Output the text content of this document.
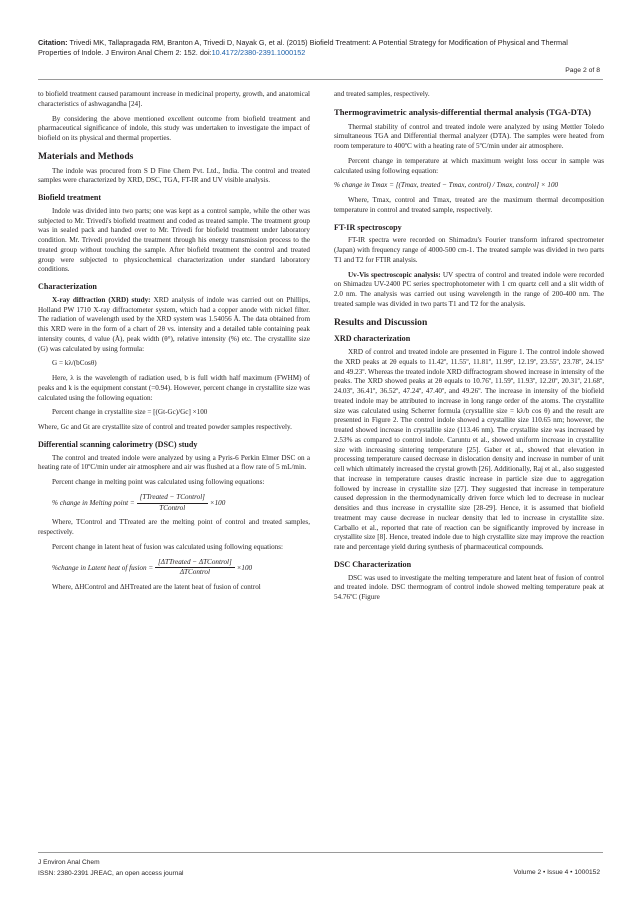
Citation: Trivedi MK, Tallapragada RM, Branton A, Trivedi D, Nayak G, et al. (2015) Biofield Treatment: A Potential Strategy for Modification of Physical and Thermal Properties of Indole. J Environ Anal Chem 2: 152. doi:10.4172/2380-2391.1000152
Page 2 of 8

to biofield treatment caused paramount increase in medicinal property, growth, and anatomical characteristics of ashwagandha [24].

By considering the above mentioned excellent outcome from biofield treatment and pharmaceutical significance of indole, this study was undertaken to investigate the impact of biofield on its physical and thermal properties.

Materials and Methods

The indole was procured from S D Fine Chem Pvt. Ltd., India. The control and treated samples were characterized by XRD, DSC, TGA, FT-IR and UV visible analysis.

Biofield treatment

Indole was divided into two parts; one was kept as a control sample, while the other was subjected to Mr. Trivedi's biofield treatment and coded as treated sample. The treatment group was in sealed pack and handed over to Mr. Trivedi for biofield treatment under laboratory condition. Mr. Trivedi provided the treatment through his energy transmission process to the treated group without touching the sample. After biofield treatment the control and treated group were subjected to physicochemical characterization under standard laboratory conditions.

Characterization

X-ray diffraction (XRD) study: XRD analysis of indole was carried out on Phillips, Holland PW 1710 X-ray diffractometer system, which had a copper anode with nickel filter. The radiation of wavelength used by the XRD system was 1.54056 Å. The data obtained from this XRD were in the form of a chart of 2θ vs. intensity and a detailed table containing peak intensity counts, d value (Å), peak width (θ°), relative intensity (%) etc. The crystallite size (G) was calculated by using formula:

G = kλ/(bCosθ)

Here, λ is the wavelength of radiation used, b is full width half maximum (FWHM) of peaks and k is the equipment constant (=0.94). However, percent change in crystallite size was calculated using the following equation:

Percent change in crystallite size = [(Gt-Gc)/Gc] ×100

Where, Gc and Gt are crystallite size of control and treated powder samples respectively.

Differential scanning calorimetry (DSC) study

The control and treated indole were analyzed by using a Pyris-6 Perkin Elmer DSC on a heating rate of 10ºC/min under air atmosphere and air was flushed at a flow rate of 5 mL/min.

Percent change in melting point was calculated using following equations:

% change in Melting point = $\frac{\text{[TTreated − TControl]}}{\text{TControl}} \times 100$

Where, TControl and TTreated are the melting point of control and treated samples, respectively.

Percent change in latent heat of fusion was calculated using following equations:

%change in Latent heat of fusion = $\frac{\text{[ΔTTreated − ΔTControl]}}{\text{ΔTControl}} \times 100$

Where, ΔHControl and ΔHTreated are the latent heat of fusion of control

and treated samples, respectively.

Thermogravimetric analysis-differential thermal analysis (TGA-DTA)

Thermal stability of control and treated indole were analyzed by using Mettler Toledo simultaneous TGA and Differential thermal analyzer (DTA). The samples were heated from room temperature to 400ºC with a heating rate of 5ºC/min under air atmosphere.

Percent change in temperature at which maximum weight loss occur in sample was calculated using following equation:

% change in Tmax = [(Tmax, treated − Tmax, control) / Tmax, control] × 100

Where, Tmax, control and Tmax, treated are the maximum thermal decomposition temperature in control and treated sample, respectively.

FT-IR spectroscopy

FT-IR spectra were recorded on Shimadzu's Fourier transform infrared spectrometer (Japan) with frequency range of 4000-500 cm-1. The treated sample was divided in two parts T1 and T2 for FTIR analysis.

Uv-Vis spectroscopic analysis: UV spectra of control and treated indole were recorded on Shimadzu UV-2400 PC series spectrophotometer with 1 cm quartz cell and a slit width of 2.0 nm. The analysis was carried out using wavelength in the range of 200-400 nm. The treated sample was divided in two parts T1 and T2 for the analysis.

Results and Discussion
XRD characterization

XRD of control and treated indole are presented in Figure 1. The control indole showed the XRD peaks at 2θ equals to 11.42º, 11.55º, 11.81º, 11.99º, 12.19º, 23.55º, 23.78º, 24.15º and 49.23º. Whereas the treated indole XRD diffractogram showed increase in intensity of the peaks. The XRD showed peaks at 2θ equals to 10.76º, 11.59º, 11.93º, 12.20º, 20.31º, 21.68º, 24.03º, 36.41º, 36.52º, 47.24º, 47.40º, and 49.26º. The increase in intensity of the biofield treated indole may be attributed to increase in long range order of the atoms. The crystallite size was calculated using Scherrer formula (crystallite size = kλ/b cos θ) and the result are presented in Figure 2. The control indole showed a crystallite size 110.65 nm; however, the treated showed increase in crystallite size (113.46 nm). The crystallite size was increased by 2.53% as compared to control indole. Caruntu et al., showed uniform increase in crystallite size with increasing sintering temperature [25]. Gaber et al., showed that elevation in processing temperature caused decrease in dislocation density and increase in number of unit cell which ultimately increased the crystal growth [26]. Additionally, Raj et al., also suggested that increase in temperature causes drastic increase in particle size due to aggregation followed by increase in crystallite size [27]. They suggested that increase in temperature caused depression in the thermodynamically driven force which led to decrease in nuclear densities and thus increase in crystallite size [28-29]. Hence, it is assumed that biofield treatment may cause decrease in nuclear density that led to increase in crystallite size. Carballo et al., reported that rate of reaction can be significantly improved by increase in crystallite size [8]. Hence, treated indole due to high crystallite size may improve the reaction rate and percentage yield during synthesis of pharmaceutical compounds.

DSC Characterization

DSC was used to investigate the melting temperature and latent heat of fusion of control and treated indole. DSC thermogram of control indole showed melting temperature peak at 54.76ºC (Figure

J Environ Anal Chem
ISSN: 2380-2391 JREAC, an open access journal	Volume 2 • Issue 4 • 1000152
